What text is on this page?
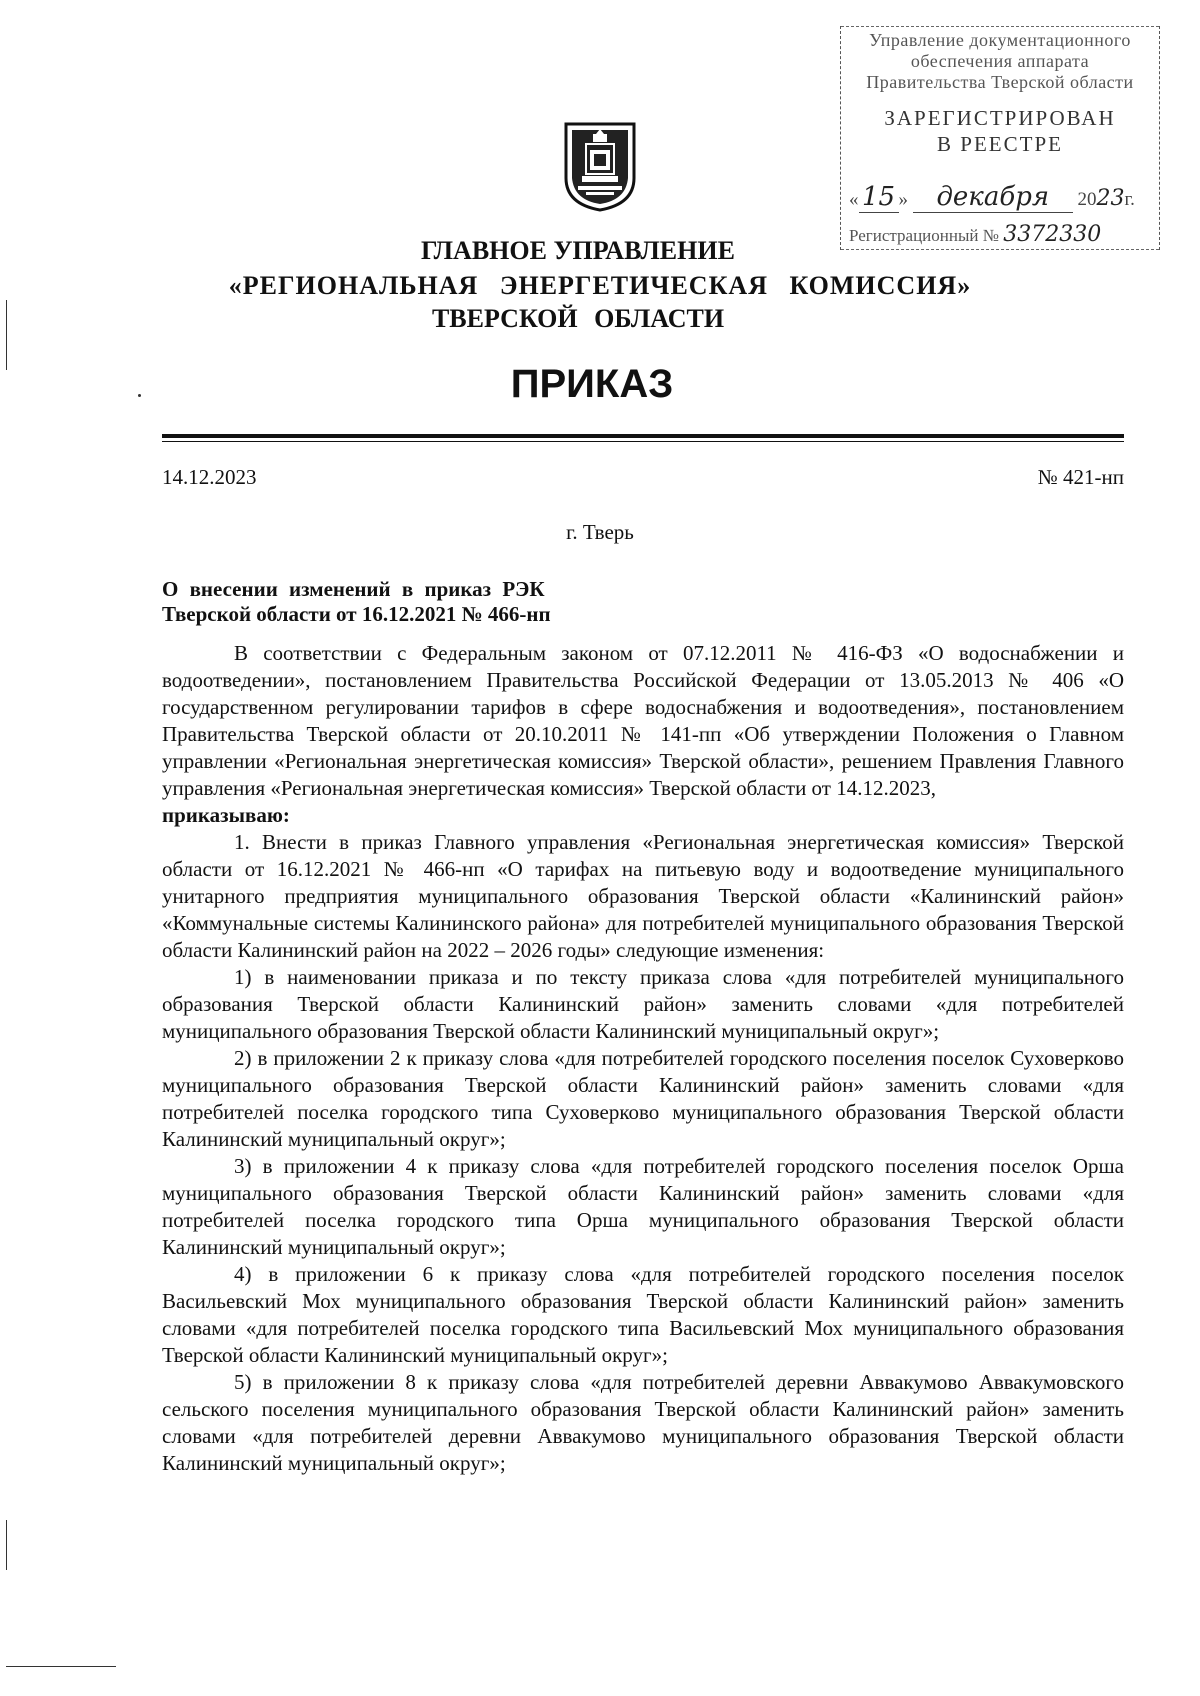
Управление документационного
обеспечения аппарата
Правительства Тверской области
ЗАРЕГИСТРИРОВАН
В РЕЕСТРЕ
« 15 » декабря 2023г.
Регистрационный № 3372330
ГЛАВНОЕ УПРАВЛЕНИЕ
«РЕГИОНАЛЬНАЯ ЭНЕРГЕТИЧЕСКАЯ КОМИССИЯ»
ТВЕРСКОЙ ОБЛАСТИ
ПРИКАЗ
14.12.2023	№ 421-нп
г. Тверь
О внесении изменений в приказ РЭК
Тверской области от 16.12.2021 № 466-нп

В соответствии с Федеральным законом от 07.12.2011 № 416-ФЗ «О водоснабжении и водоотведении», постановлением Правительства Российской Федерации от 13.05.2013 № 406 «О государственном регулировании тарифов в сфере водоснабжения и водоотведения», постановлением Правительства Тверской области от 20.10.2011 № 141-пп «Об утверждении Положения о Главном управлении «Региональная энергетическая комиссия» Тверской области», решением Правления Главного управления «Региональная энергетическая комиссия» Тверской области от 14.12.2023,

приказываю:

1. Внести в приказ Главного управления «Региональная энергетическая комиссия» Тверской области от 16.12.2021 № 466-нп «О тарифах на питьевую воду и водоотведение муниципального унитарного предприятия муниципального образования Тверской области «Калининский район» «Коммунальные системы Калининского района» для потребителей муниципального образования Тверской области Калининский район на 2022 – 2026 годы» следующие изменения:

1) в наименовании приказа и по тексту приказа слова «для потребителей муниципального образования Тверской области Калининский район» заменить словами «для потребителей муниципального образования Тверской области Калининский муниципальный округ»;

2) в приложении 2 к приказу слова «для потребителей городского поселения поселок Суховерково муниципального образования Тверской области Калининский район» заменить словами «для потребителей поселка городского типа Суховерково муниципального образования Тверской области Калининский муниципальный округ»;

3) в приложении 4 к приказу слова «для потребителей городского поселения поселок Орша муниципального образования Тверской области Калининский район» заменить словами «для потребителей поселка городского типа Орша муниципального образования Тверской области Калининский муниципальный округ»;

4) в приложении 6 к приказу слова «для потребителей городского поселения поселок Васильевский Мох муниципального образования Тверской области Калининский район» заменить словами «для потребителей поселка городского типа Васильевский Мох муниципального образования Тверской области Калининский муниципальный округ»;

5) в приложении 8 к приказу слова «для потребителей деревни Аввакумово Аввакумовского сельского поселения муниципального образования Тверской области Калининский район» заменить словами «для потребителей деревни Аввакумово муниципального образования Тверской области Калининский муниципальный округ»;
